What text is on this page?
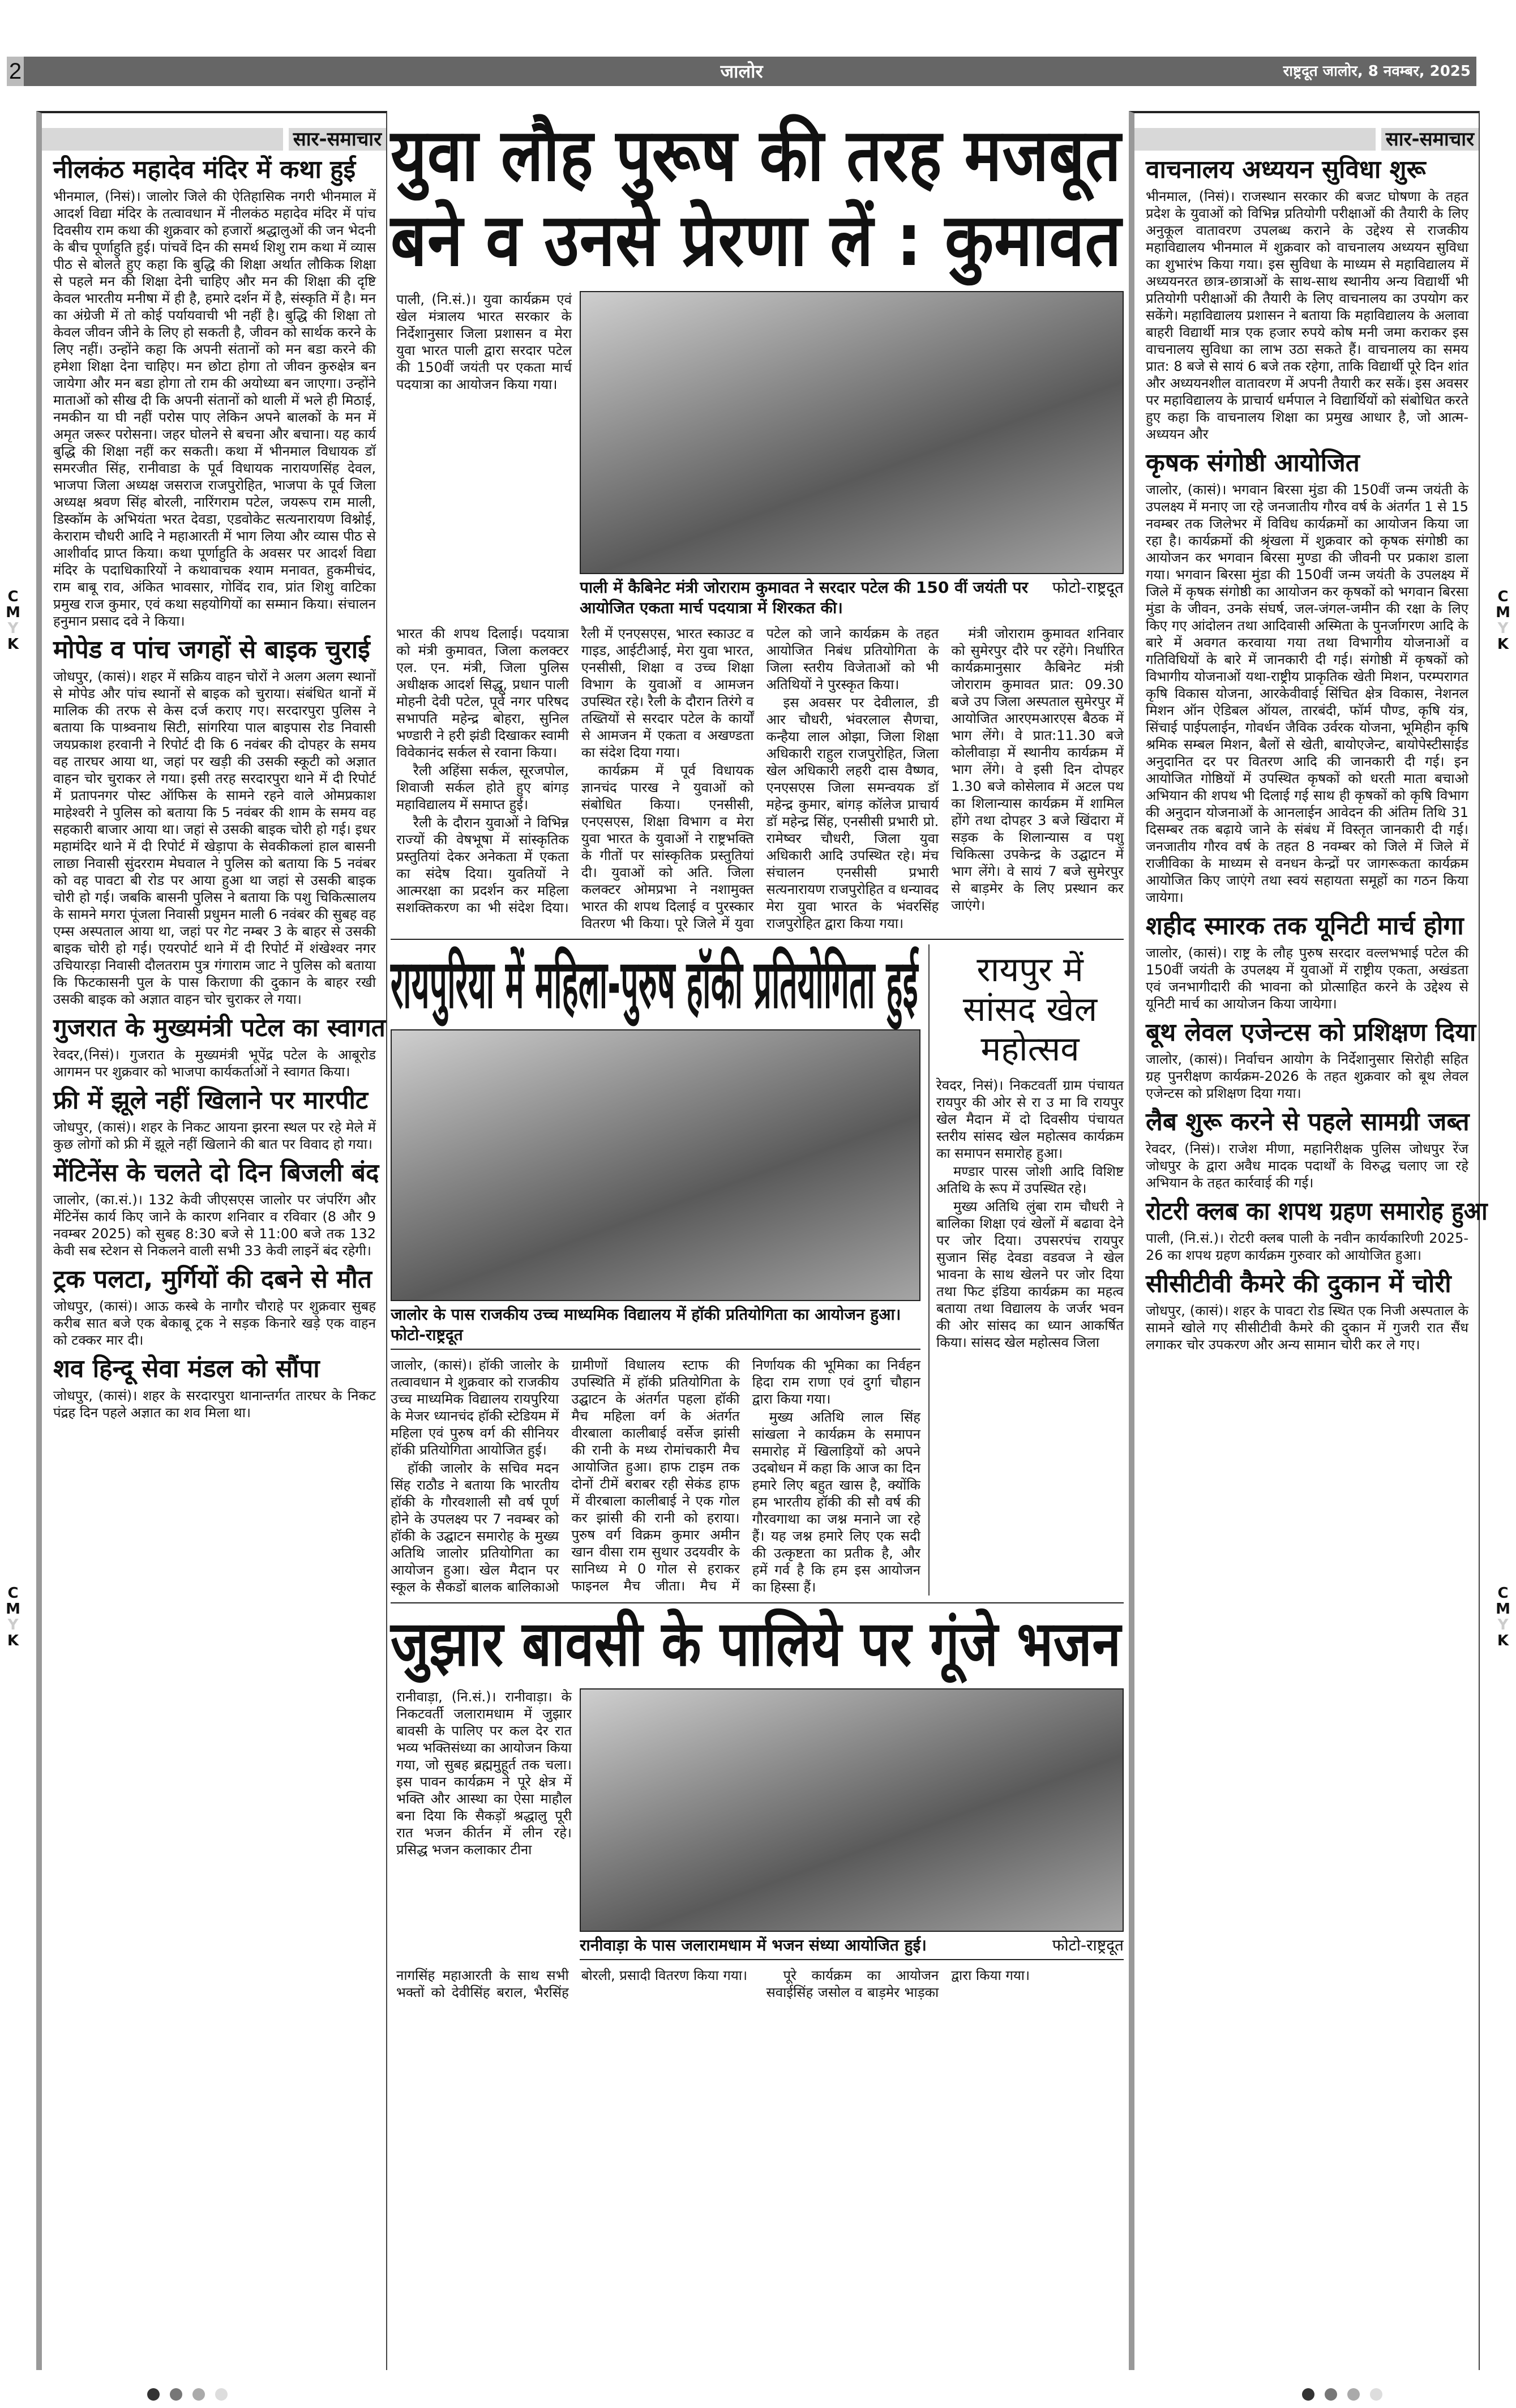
2	जालोर	राष्ट्रदूत जालोर, 8 नवम्बर, 2025
C
M
Y
K
C
M
Y
K
C
M
Y
K
C
M
Y
K
सार-समाचार
नीलकंठ महादेव मंदिर में कथा हुई
भीनमाल, (निसं)। जालोर जिले की ऐतिहासिक नगरी भीनमाल में आदर्श विद्या मंदिर के तत्वावधान में नीलकंठ महादेव मंदिर में पांच दिवसीय राम कथा की शुक्रवार को हजारों श्रद्धालुओं की जन भेदनी के बीच पूर्णाहुति हुई। पांचवें दिन की समर्थ शिशु राम कथा में व्यास पीठ से बोलते हुए कहा कि बुद्धि की शिक्षा अर्थात लौकिक शिक्षा से पहले मन की शिक्षा देनी चाहिए और मन की शिक्षा की दृष्टि केवल भारतीय मनीषा में ही है, हमारे दर्शन में है, संस्कृति में है। मन का अंग्रेजी में तो कोई पर्यायवाची भी नहीं है। बुद्धि की शिक्षा तो केवल जीवन जीने के लिए हो सकती है, जीवन को सार्थक करने के लिए नहीं। उन्होंने कहा कि अपनी संतानों को मन बडा करने की हमेशा शिक्षा देना चाहिए। मन छोटा होगा तो जीवन कुरुक्षेत्र बन जायेगा और मन बडा होगा तो राम की अयोध्या बन जाएगा। उन्होंने माताओं को सीख दी कि अपनी संतानों को थाली में भले ही मिठाई, नमकीन या घी नहीं परोस पाए लेकिन अपने बालकों के मन में अमृत जरूर परोसना। जहर घोलने से बचना और बचाना। यह कार्य बुद्धि की शिक्षा नहीं कर सकती। कथा में भीनमाल विधायक डॉ समरजीत सिंह, रानीवाडा के पूर्व विधायक नारायणसिंह देवल, भाजपा जिला अध्यक्ष जसराज राजपुरोहित, भाजपा के पूर्व जिला अध्यक्ष श्रवण सिंह बोरली, नारिंगराम पटेल, जयरूप राम माली, डिस्कॉम के अभियंता भरत देवडा, एडवोकेट सत्यनारायण विश्नोई, केराराम चौधरी आदि ने महाआरती में भाग लिया और व्यास पीठ से आशीर्वाद प्राप्त किया। कथा पूर्णाहुति के अवसर पर आदर्श विद्या मंदिर के पदाधिकारियों ने कथावाचक श्याम मनावत, हुकमीचंद, राम बाबू राव, अंकित भावसार, गोविंद राव, प्रांत शिशु वाटिका प्रमुख राज कुमार, एवं कथा सहयोगियों का सम्मान किया। संचालन हनुमान प्रसाद दवे ने किया।
मोपेड व पांच जगहों से बाइक चुराई
जोधपुर, (कासं)। शहर में सक्रिय वाहन चोरों ने अलग अलग स्थानों से मोपेड और पांच स्थानों से बाइक को चुराया। संबंधित थानों में मालिक की तरफ से केस दर्ज कराए गए। सरदारपुरा पुलिस ने बताया कि पाश्र्वनाथ सिटी, सांगरिया पाल बाइपास रोड निवासी जयप्रकाश हरवानी ने रिपोर्ट दी कि 6 नवंबर की दोपहर के समय वह तारघर आया था, जहां पर खड़ी की उसकी स्कूटी को अज्ञात वाहन चोर चुराकर ले गया। इसी तरह सरदारपुरा थाने में दी रिपोर्ट में प्रतापनगर पोस्ट ऑफिस के सामने रहने वाले ओमप्रकाश माहेश्वरी ने पुलिस को बताया कि 5 नवंबर की शाम के समय वह सहकारी बाजार आया था। जहां से उसकी बाइक चोरी हो गई। इधर महामंदिर थाने में दी रिपोर्ट में खेड़ापा के सेवकीकलां हाल बासनी लाछा निवासी सुंदरराम मेघवाल ने पुलिस को बताया कि 5 नवंबर को वह पावटा बी रोड पर आया हुआ था जहां से उसकी बाइक चोरी हो गई। जबकि बासनी पुलिस ने बताया कि पशु चिकित्सालय के सामने मगरा पूंजला निवासी प्रधुमन माली 6 नवंबर की सुबह वह एम्स अस्पताल आया था, जहां पर गेट नम्बर 3 के बाहर से उसकी बाइक चोरी हो गई। एयरपोर्ट थाने में दी रिपोर्ट में शंखेश्वर नगर उचियारड़ा निवासी दौलतराम पुत्र गंगाराम जाट ने पुलिस को बताया कि फिटकासनी पुल के पास किराणा की दुकान के बाहर रखी उसकी बाइक को अज्ञात वाहन चोर चुराकर ले गया।
गुजरात के मुख्यमंत्री पटेल का स्वागत
रेवदर,(निसं)। गुजरात के मुख्यमंत्री भूपेंद्र पटेल के आबूरोड आगमन पर शुक्रवार को भाजपा कार्यकर्ताओं ने स्वागत किया।
फ्री में झूले नहीं खिलाने पर मारपीट
जोधपुर, (कासं)। शहर के निकट आयना झरना स्थल पर रहे मेले में कुछ लोगों को फ्री में झूले नहीं खिलाने की बात पर विवाद हो गया।
मेंटिनेंस के चलते दो दिन बिजली बंद
जालोर, (का.सं.)। 132 केवी जीएसएस जालोर पर जंपरिंग और मेंटिनेंस कार्य किए जाने के कारण शनिवार व रविवार (8 और 9 नवम्बर 2025) को सुबह 8:30 बजे से 11:00 बजे तक 132 केवी सब स्टेशन से निकलने वाली सभी 33 केवी लाइनें बंद रहेगी।
ट्रक पलटा, मुर्गियों की दबने से मौत
जोधपुर, (कासं)। आऊ कस्बे के नागौर चौराहे पर शुक्रवार सुबह करीब सात बजे एक बेकाबू ट्रक ने सड़क किनारे खड़े एक वाहन को टक्कर मार दी।
शव हिन्दू सेवा मंडल को सौंपा
जोधपुर, (कासं)। शहर के सरदारपुरा थानान्तर्गत तारघर के निकट पंद्रह दिन पहले अज्ञात का शव मिला था।
सार-समाचार
वाचनालय अध्ययन सुविधा शुरू
भीनमाल, (निसं)। राजस्थान सरकार की बजट घोषणा के तहत प्रदेश के युवाओं को विभिन्न प्रतियोगी परीक्षाओं की तैयारी के लिए अनुकूल वातावरण उपलब्ध कराने के उद्देश्य से राजकीय महाविद्यालय भीनमाल में शुक्रवार को वाचनालय अध्ययन सुविधा का शुभारंभ किया गया। इस सुविधा के माध्यम से महाविद्यालय में अध्ययनरत छात्र-छात्राओं के साथ-साथ स्थानीय अन्य विद्यार्थी भी प्रतियोगी परीक्षाओं की तैयारी के लिए वाचनालय का उपयोग कर सकेंगे। महाविद्यालय प्रशासन ने बताया कि महाविद्यालय के अलावा बाहरी विद्यार्थी मात्र एक हजार रुपये कोष मनी जमा कराकर इस वाचनालय सुविधा का लाभ उठा सकते हैं। वाचनालय का समय प्रात: 8 बजे से सायं 6 बजे तक रहेगा, ताकि विद्यार्थी पूरे दिन शांत और अध्ययनशील वातावरण में अपनी तैयारी कर सकें। इस अवसर पर महाविद्यालय के प्राचार्य धर्मपाल ने विद्यार्थियों को संबोधित करते हुए कहा कि वाचनालय शिक्षा का प्रमुख आधार है, जो आत्म-अध्ययन और
कृषक संगोष्ठी आयोजित
जालोर, (कासं)। भगवान बिरसा मुंडा की 150वीं जन्म जयंती के उपलक्ष्य में मनाए जा रहे जनजातीय गौरव वर्ष के अंतर्गत 1 से 15 नवम्बर तक जिलेभर में विविध कार्यक्रमों का आयोजन किया जा रहा है। कार्यक्रमों की श्रृंखला में शुक्रवार को कृषक संगोष्ठी का आयोजन कर भगवान बिरसा मुण्डा की जीवनी पर प्रकाश डाला गया। भगवान बिरसा मुंडा की 150वीं जन्म जयंती के उपलक्ष्य में जिले में कृषक संगोष्ठी का आयोजन कर कृषकों को भगवान बिरसा मुंडा के जीवन, उनके संघर्ष, जल-जंगल-जमीन की रक्षा के लिए किए गए आंदोलन तथा आदिवासी अस्मिता के पुनर्जागरण आदि के बारे में अवगत करवाया गया तथा विभागीय योजनाओं व गतिविधियों के बारे में जानकारी दी गई। संगोष्ठी में कृषकों को विभागीय योजनाओं यथा-राष्ट्रीय प्राकृतिक खेती मिशन, परम्परागत कृषि विकास योजना, आरकेवीवाई सिंचित क्षेत्र विकास, नेशनल मिशन ऑन ऐडिबल ऑयल, तारबंदी, फॉर्म पौण्ड, कृषि यंत्र, सिंचाई पाईपलाईन, गोवर्धन जैविक उर्वरक योजना, भूमिहीन कृषि श्रमिक सम्बल मिशन, बैलों से खेती, बायोएजेन्ट, बायोपेस्टीसाईड अनुदानित दर पर वितरण आदि की जानकारी दी गई। इन आयोजित गोष्ठियों में उपस्थित कृषकों को धरती माता बचाओ अभियान की शपथ भी दिलाई गई साथ ही कृषकों को कृषि विभाग की अनुदान योजनाओं के आनलाईन आवेदन की अंतिम तिथि 31 दिसम्बर तक बढ़ाये जाने के संबंध में विस्तृत जानकारी दी गई। जनजातीय गौरव वर्ष के तहत 8 नवम्बर को जिले में जिले में राजीविका के माध्यम से वनधन केन्द्रों पर जागरूकता कार्यक्रम आयोजित किए जाएंगे तथा स्वयं सहायता समूहों का गठन किया जायेगा।
शहीद स्मारक तक यूनिटी मार्च होगा
जालोर, (कासं)। राष्ट्र के लौह पुरुष सरदार वल्लभभाई पटेल की 150वीं जयंती के उपलक्ष्य में युवाओं में राष्ट्रीय एकता, अखंडता एवं जनभागीदारी की भावना को प्रोत्साहित करने के उद्देश्य से यूनिटी मार्च का आयोजन किया जायेगा।
बूथ लेवल एजेन्टस को प्रशिक्षण दिया
जालोर, (कासं)। निर्वाचन आयोग के निर्देशानुसार सिरोही सहित ग्रह पुनरीक्षण कार्यक्रम-2026 के तहत शुक्रवार को बूथ लेवल एजेन्टस को प्रशिक्षण दिया गया।
लैब शुरू करने से पहले सामग्री जब्त
रेवदर, (निसं)। राजेश मीणा, महानिरीक्षक पुलिस जोधपुर रेंज जोधपुर के द्वारा अवैध मादक पदार्थों के विरुद्ध चलाए जा रहे अभियान के तहत कार्रवाई की गई।
रोटरी क्लब का शपथ ग्रहण समारोह हुआ
पाली, (नि.सं.)। रोटरी क्लब पाली के नवीन कार्यकारिणी 2025-26 का शपथ ग्रहण कार्यक्रम गुरुवार को आयोजित हुआ।
सीसीटीवी कैमरे की दुकान में चोरी
जोधपुर, (कासं)। शहर के पावटा रोड स्थित एक निजी अस्पताल के सामने खोले गए सीसीटीवी कैमरे की दुकान में गुजरी रात सैंध लगाकर चोर उपकरण और अन्य सामान चोरी कर ले गए।
युवा लौह पुरूष की तरह मजबूत
बने व उनसे प्रेरणा लें : कुमावत

पाली, (नि.सं.)। युवा कार्यक्रम एवं खेल मंत्रालय भारत सरकार के निर्देशानुसार जिला प्रशासन व मेरा युवा भारत पाली द्वारा सरदार पटेल की 150वीं जयंती पर एकता मार्च पदयात्रा का आयोजन किया गया।

फोटो-राष्ट्रदूत
पाली में कैबिनेट मंत्री जोराराम कुमावत ने सरदार पटेल की 150 वीं जयंती पर आयोजित एकता मार्च पदयात्रा में शिरकत की।

भारत की शपथ दिलाई। पदयात्रा को मंत्री कुमावत, जिला कलक्टर एल. एन. मंत्री, जिला पुलिस अधीक्षक आदर्श सिद्धू, प्रधान पाली मोहनी देवी पटेल, पूर्व नगर परिषद सभापति महेन्द्र बोहरा, सुनिल भण्डारी ने हरी झंडी दिखाकर स्वामी विवेकानंद सर्कल से रवाना किया।

रैली अहिंसा सर्कल, सूरजपोल, शिवाजी सर्कल होते हुए बांगड़ महाविद्यालय में समाप्त हुई।

रैली के दौरान युवाओं ने विभिन्न राज्यों की वेषभूषा में सांस्कृतिक प्रस्तुतियां देकर अनेकता में एकता का संदेष दिया। युवतियों ने आत्मरक्षा का प्रदर्शन कर महिला सशक्तिकरण का भी संदेश दिया। रैली में एनएसएस, भारत स्काउट व गाइड, आईटीआई, मेरा युवा भारत, एनसीसी, शिक्षा व उच्च शिक्षा विभाग के युवाओं व आमजन उपस्थित रहे। रैली के दौरान तिरंगे व तख्तियों से सरदार पटेल के कार्यों से आमजन में एकता व अखण्डता का संदेश दिया गया।

कार्यक्रम में पूर्व विधायक ज्ञानचंद पारख ने युवाओं को संबोधित किया। एनसीसी, एनएसएस, शिक्षा विभाग व मेरा युवा भारत के युवाओं ने राष्ट्रभक्ति के गीतों पर सांस्कृतिक प्रस्तुतियां दी। युवाओं को अति. जिला कलक्टर ओमप्रभा ने नशामुक्त भारत की शपथ दिलाई व पुरस्कार वितरण भी किया। पूरे जिले में युवा पटेल को जाने कार्यक्रम के तहत आयोजित निबंध प्रतियोगिता के जिला स्तरीय विजेताओं को भी अतिथियों ने पुरस्कृत किया।

इस अवसर पर देवीलाल, डी आर चौधरी, भंवरलाल सैणचा, कन्हैया लाल ओझा, जिला शिक्षा अधिकारी राहुल राजपुरोहित, जिला खेल अधिकारी लहरी दास वैष्णव, एनएसएस जिला समन्वयक डॉ महेन्द्र कुमार, बांगड़ कॉलेज प्राचार्य डॉ महेन्द्र सिंह, एनसीसी प्रभारी प्रो. रामेष्वर चौधरी, जिला युवा अधिकारी आदि उपस्थित रहे। मंच संचालन एनसीसी प्रभारी सत्यनारायण राजपुरोहित व धन्यावद मेरा युवा भारत के भंवरसिंह राजपुरोहित द्वारा किया गया।

मंत्री जोराराम कुमावत शनिवार को सुमेरपुर दौरे पर रहेंगे। निर्धारित कार्यक्रमानुसार कैबिनेट मंत्री जोराराम कुमावत प्रात: 09.30 बजे उप जिला अस्पताल सुमेरपुर में आयोजित आरएमआरएस बैठक में भाग लेंगे। वे प्रात:11.30 बजे कोलीवाड़ा में स्थानीय कार्यक्रम में भाग लेंगे। वे इसी दिन दोपहर 1.30 बजे कोसेलाव में अटल पथ का शिलान्यास कार्यक्रम में शामिल होंगे तथा दोपहर 3 बजे खिंदारा में सड़क के शिलान्यास व पशु चिकित्सा उपकेन्द्र के उद्घाटन में भाग लेंगे। वे सायं 7 बजे सुमेरपुर से बाड़मेर के लिए प्रस्थान कर जाएंगे।

रायपुरिया में महिला-पुरुष हॉकी प्रतियोगिता हुई
जालोर के पास राजकीय उच्च माध्यमिक विद्यालय में हॉकी प्रतियोगिता का आयोजन हुआ। फोटो-राष्ट्रदूत

जालोर, (कासं)। हॉकी जालोर के तत्वावधान मे शुक्रवार को राजकीय उच्च माध्यमिक विद्यालय रायपुरिया के मेजर ध्यानचंद हॉकी स्टेडियम में महिला एवं पुरुष वर्ग की सीनियर हॉकी प्रतियोगिता आयोजित हुई।

हॉकी जालोर के सचिव मदन सिंह राठौड ने बताया कि भारतीय हॉकी के गौरवशाली सौ वर्ष पूर्ण होने के उपलक्ष्य पर 7 नवम्बर को हॉकी के उद्घाटन समारोह के मुख्य अतिथि जालोर प्रतियोगिता का आयोजन हुआ। खेल मैदान पर स्कूल के सैकडों बालक बालिकाओ ग्रामीणों विधालय स्टाफ की उपस्थिति में हॉकी प्रतियोगिता के उद्घाटन के अंतर्गत पहला हॉकी मैच महिला वर्ग के अंतर्गत वीरबाला कालीबाई वर्सेज झांसी की रानी के मध्य रोमांचकारी मैच आयोजित हुआ। हाफ टाइम तक दोनों टीमें बराबर रही सेकंड हाफ में वीरबाला कालीबाई ने एक गोल कर झांसी की रानी को हराया। पुरुष वर्ग विक्रम कुमार अमीन खान वीसा राम सुथार उदयवीर के सानिध्य मे 0 गोल से हराकर फाइनल मैच जीता। मैच में निर्णायक की भूमिका का निर्वहन हिदा राम राणा एवं दुर्गा चौहान द्वारा किया गया।

मुख्य अतिथि लाल सिंह सांखला ने कार्यक्रम के समापन समारोह में खिलाड़ियों को अपने उदबोधन में कहा कि आज का दिन हमारे लिए बहुत खास है, क्योंकि हम भारतीय हॉकी की सौ वर्ष की गौरवगाथा का जश्न मनाने जा रहे हैं। यह जश्न हमारे लिए एक सदी की उत्कृष्टता का प्रतीक है, और हमें गर्व है कि हम इस आयोजन का हिस्सा हैं।

रायपुर में सांसद खेल महोत्सव

रेवदर, निसं)। निकटवर्ती ग्राम पंचायत रायपुर की ओर से रा उ मा वि रायपुर खेल मैदान में दो दिवसीय पंचायत स्तरीय सांसद खेल महोत्सव कार्यक्रम का समापन समारोह हुआ।

मण्डार पारस जोशी आदि विशिष्ट अतिथि के रूप में उपस्थित रहे।

मुख्य अतिथि लुंबा राम चौधरी ने बालिका शिक्षा एवं खेलों में बढावा देने पर जोर दिया। उपसरपंच रायपुर सुजान सिंह देवडा वडवज ने खेल भावना के साथ खेलने पर जोर दिया तथा फिट इंडिया कार्यक्रम का महत्व बताया तथा विद्यालय के जर्जर भवन की ओर सांसद का ध्यान आकर्षित किया। सांसद खेल महोत्सव जिला

जुझार बावसी के पालिये पर गूंजे भजन

रानीवाड़ा, (नि.सं.)। रानीवाड़ा। के निकटवर्ती जलारामधाम में जुझार बावसी के पालिए पर कल देर रात भव्य भक्तिसंध्या का आयोजन किया गया, जो सुबह ब्रह्ममुहूर्त तक चला। इस पावन कार्यक्रम ने पूरे क्षेत्र में भक्ति और आस्था का ऐसा माहौल बना दिया कि सैकड़ों श्रद्धालु पूरी रात भजन कीर्तन में लीन रहे। प्रसिद्ध भजन कलाकार टीना

फोटो-राष्ट्रदूत
रानीवाड़ा के पास जलारामधाम में भजन संध्या आयोजित हुई।

नागसिंह महाआरती के साथ सभी भक्तों को देवीसिंह बराल, भैरसिंह बोरली, प्रसादी वितरण किया गया।	पूरे कार्यक्रम का आयोजन सवाईसिंह जसोल व बाड़मेर भाड़का द्वारा किया गया।
